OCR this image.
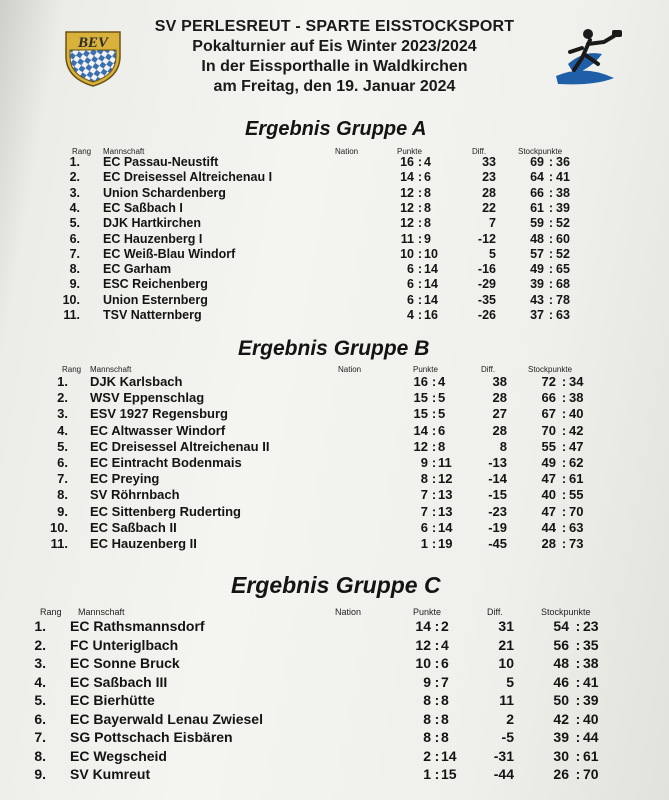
BEV
SV PERLESREUT - SPARTE EISSTOCKSPORT
Pokalturnier auf Eis Winter 2023/2024
In der Eissporthalle in Waldkirchen
am Freitag, den 19. Januar 2024
Ergebnis Gruppe A
Rang Mannschaft	Nation	Punkte	Diff.	Stockpunkte
1. EC Passau-Neustift	16 : 4	33	69 : 36
2. EC Dreisessel Altreichenau I	14 : 6	23	64 : 41
3. Union Schardenberg	12 : 8	28	66 : 38
4. EC Saßbach I	12 : 8	22	61 : 39
5. DJK Hartkirchen	12 : 8	7	59 : 52
6. EC Hauzenberg I	11 : 9	-12	48 : 60
7. EC Weiß-Blau Windorf	10 : 10	5	57 : 52
8. EC Garham	6 : 14	-16	49 : 65
9. ESC Reichenberg	6 : 14	-29	39 : 68
10. Union Esternberg	6 : 14	-35	43 : 78
11. TSV Natternberg	4 : 16	-26	37 : 63
Ergebnis Gruppe B
Rang Mannschaft	Nation	Punkte	Diff.	Stockpunkte
1. DJK Karlsbach	16 : 4	38	72 : 34
2. WSV Eppenschlag	15 : 5	28	66 : 38
3. ESV 1927 Regensburg	15 : 5	27	67 : 40
4. EC Altwasser Windorf	14 : 6	28	70 : 42
5. EC Dreisessel Altreichenau II	12 : 8	8	55 : 47
6. EC Eintracht Bodenmais	9 : 11	-13	49 : 62
7. EC Preying	8 : 12	-14	47 : 61
8. SV Röhrnbach	7 : 13	-15	40 : 55
9. EC Sittenberg Ruderting	7 : 13	-23	47 : 70
10. EC Saßbach II	6 : 14	-19	44 : 63
11. EC Hauzenberg II	1 : 19	-45	28 : 73
Ergebnis Gruppe C
Rang Mannschaft	Nation	Punkte	Diff.	Stockpunkte
1. EC Rathsmannsdorf	14 : 2	31	54 : 23
2. FC Unteriglbach	12 : 4	21	56 : 35
3. EC Sonne Bruck	10 : 6	10	48 : 38
4. EC Saßbach III	9 : 7	5	46 : 41
5. EC Bierhütte	8 : 8	11	50 : 39
6. EC Bayerwald Lenau Zwiesel	8 : 8	2	42 : 40
7. SG Pottschach Eisbären	8 : 8	-5	39 : 44
8. EC Wegscheid	2 : 14	-31	30 : 61
9. SV Kumreut	1 : 15	-44	26 : 70
